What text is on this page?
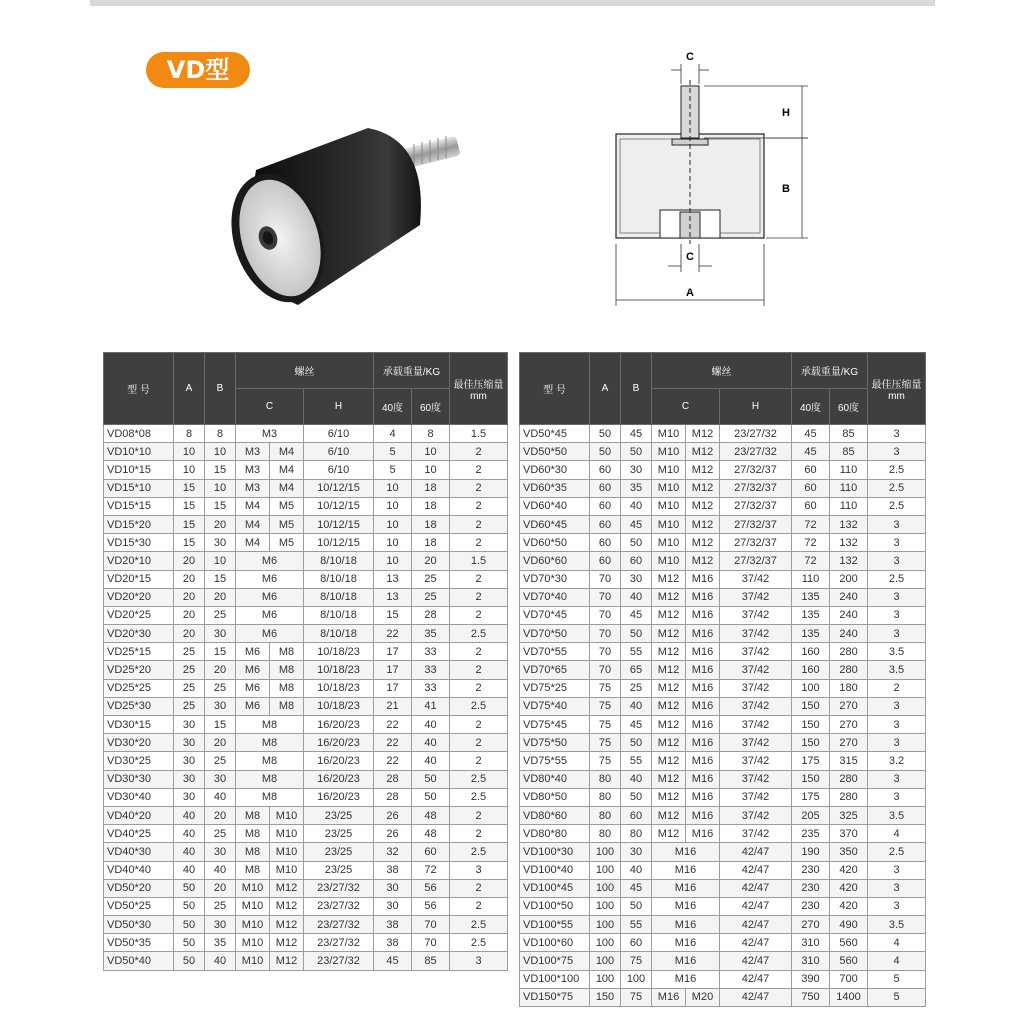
VD型	C
H
B
C
A
型 号	A	B	螺丝			承载重量/KG		最佳压缩量
mm
			C		H	40度	60度	
VD08*08	8	8	M3		6/10	4	8	1.5
VD10*10	10	10	M3	M4	6/10	5	10	2
VD10*15	10	15	M3	M4	6/10	5	10	2
VD15*10	15	10	M3	M4	10/12/15	10	18	2
VD15*15	15	15	M4	M5	10/12/15	10	18	2
VD15*20	15	20	M4	M5	10/12/15	10	18	2
VD15*30	15	30	M4	M5	10/12/15	10	18	2
VD20*10	20	10	M6		8/10/18	10	20	1.5
VD20*15	20	15	M6		8/10/18	13	25	2
VD20*20	20	20	M6		8/10/18	13	25	2
VD20*25	20	25	M6		8/10/18	15	28	2
VD20*30	20	30	M6		8/10/18	22	35	2.5
VD25*15	25	15	M6	M8	10/18/23	17	33	2
VD25*20	25	20	M6	M8	10/18/23	17	33	2
VD25*25	25	25	M6	M8	10/18/23	17	33	2
VD25*30	25	30	M6	M8	10/18/23	21	41	2.5
VD30*15	30	15	M8		16/20/23	22	40	2
VD30*20	30	20	M8		16/20/23	22	40	2
VD30*25	30	25	M8		16/20/23	22	40	2
VD30*30	30	30	M8		16/20/23	28	50	2.5
VD30*40	30	40	M8		16/20/23	28	50	2.5
VD40*20	40	20	M8	M10	23/25	26	48	2
VD40*25	40	25	M8	M10	23/25	26	48	2
VD40*30	40	30	M8	M10	23/25	32	60	2.5
VD40*40	40	40	M8	M10	23/25	38	72	3
VD50*20	50	20	M10	M12	23/27/32	30	56	2
VD50*25	50	25	M10	M12	23/27/32	30	56	2
VD50*30	50	30	M10	M12	23/27/32	38	70	2.5
VD50*35	50	35	M10	M12	23/27/32	38	70	2.5
VD50*40	50	40	M10	M12	23/27/32	45	85	3
型 号	A	B	螺丝			承载重量/KG		最佳压缩量
mm
			C		H	40度	60度	
VD50*45	50	45	M10	M12	23/27/32	45	85	3
VD50*50	50	50	M10	M12	23/27/32	45	85	3
VD60*30	60	30	M10	M12	27/32/37	60	110	2.5
VD60*35	60	35	M10	M12	27/32/37	60	110	2.5
VD60*40	60	40	M10	M12	27/32/37	60	110	2.5
VD60*45	60	45	M10	M12	27/32/37	72	132	3
VD60*50	60	50	M10	M12	27/32/37	72	132	3
VD60*60	60	60	M10	M12	27/32/37	72	132	3
VD70*30	70	30	M12	M16	37/42	110	200	2.5
VD70*40	70	40	M12	M16	37/42	135	240	3
VD70*45	70	45	M12	M16	37/42	135	240	3
VD70*50	70	50	M12	M16	37/42	135	240	3
VD70*55	70	55	M12	M16	37/42	160	280	3.5
VD70*65	70	65	M12	M16	37/42	160	280	3.5
VD75*25	75	25	M12	M16	37/42	100	180	2
VD75*40	75	40	M12	M16	37/42	150	270	3
VD75*45	75	45	M12	M16	37/42	150	270	3
VD75*50	75	50	M12	M16	37/42	150	270	3
VD75*55	75	55	M12	M16	37/42	175	315	3.2
VD80*40	80	40	M12	M16	37/42	150	280	3
VD80*50	80	50	M12	M16	37/42	175	280	3
VD80*60	80	60	M12	M16	37/42	205	325	3.5
VD80*80	80	80	M12	M16	37/42	235	370	4
VD100*30	100	30	M16		42/47	190	350	2.5
VD100*40	100	40	M16		42/47	230	420	3
VD100*45	100	45	M16		42/47	230	420	3
VD100*50	100	50	M16		42/47	230	420	3
VD100*55	100	55	M16		42/47	270	490	3.5
VD100*60	100	60	M16		42/47	310	560	4
VD100*75	100	75	M16		42/47	310	560	4
VD100*100	100	100	M16		42/47	390	700	5
VD150*75	150	75	M16	M20	42/47	750	1400	5
